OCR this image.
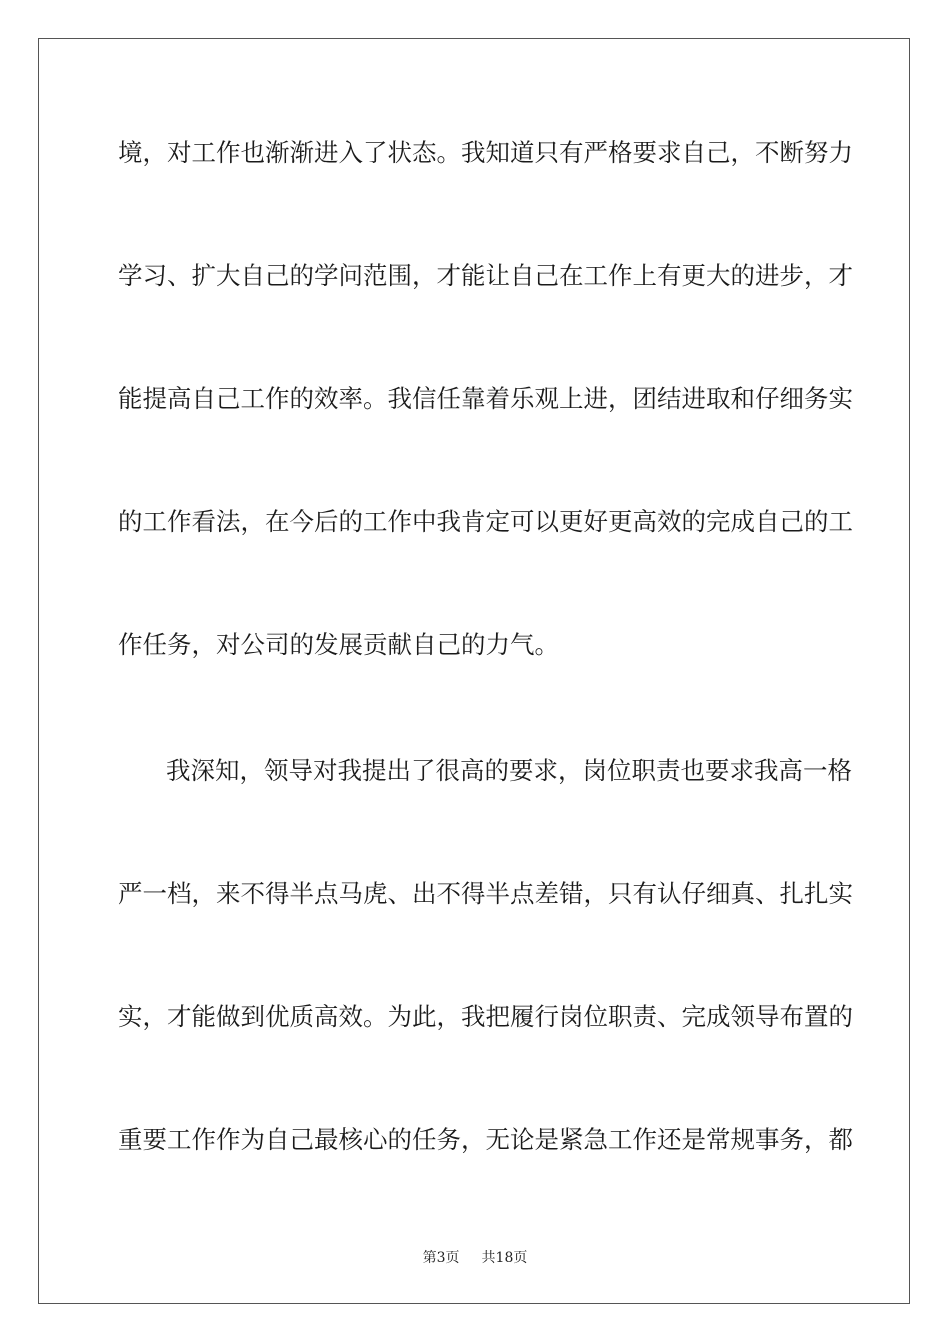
境，对工作也渐渐进入了状态。我知道只有严格要求自己，不断努力
学习、扩大自己的学问范围，才能让自己在工作上有更大的进步，才
能提高自己工作的效率。我信任靠着乐观上进，团结进取和仔细务实
的工作看法，在今后的工作中我肯定可以更好更高效的完成自己的工
作任务，对公司的发展贡献自己的力气。
我深知，领导对我提出了很高的要求，岗位职责也要求我高一格
严一档，来不得半点马虎、出不得半点差错，只有认仔细真、扎扎实
实，才能做到优质高效。为此，我把履行岗位职责、完成领导布置的
重要工作作为自己最核心的任务，无论是紧急工作还是常规事务，都
第3页 共18页
